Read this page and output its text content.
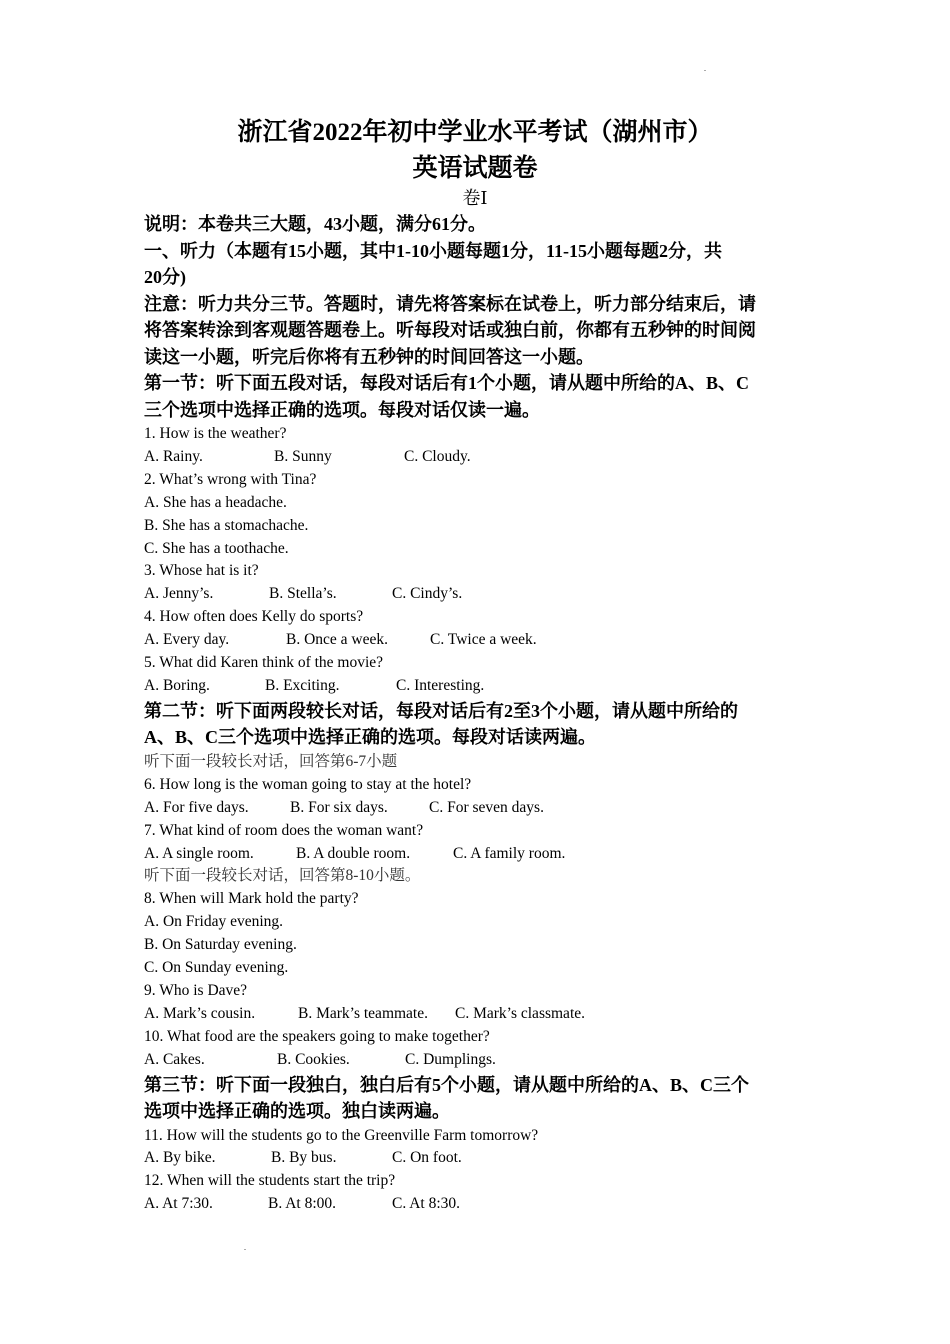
浙江省2022年初中学业水平考试（湖州市）
英语试题卷
卷Ⅰ
说明：本卷共三大题，43小题，满分61分。
一、听力（本题有15小题，其中1-10小题每题1分，11-15小题每题2分，共
20分)
注意：听力共分三节。答题时，请先将答案标在试卷上，听力部分结束后，请
将答案转涂到客观题答题卷上。听每段对话或独白前，你都有五秒钟的时间阅
读这一小题，听完后你将有五秒钟的时间回答这一小题。
第一节：听下面五段对话，每段对话后有1个小题，请从题中所给的A、B、C
三个选项中选择正确的选项。每段对话仅读一遍。
1. How is the weather?
A. Rainy.	B. Sunny	C. Cloudy.
2. What’s wrong with Tina?
A. She has a headache.
B. She has a stomachache.
C. She has a toothache.
3. Whose hat is it?
A. Jenny’s.	B. Stella’s.	C. Cindy’s.
4. How often does Kelly do sports?
A. Every day.	B. Once a week.	C. Twice a week.
5. What did Karen think of the movie?
A. Boring.	B. Exciting.	C. Interesting.
第二节：听下面两段较长对话，每段对话后有2至3个小题，请从题中所给的
A、B、C三个选项中选择正确的选项。每段对话读两遍。
听下面一段较长对话，回答第6-7小题
6. How long is the woman going to stay at the hotel?
A. For five days.	B. For six days.	C. For seven days.
7. What kind of room does the woman want?
A. A single room.	B. A double room.	C. A family room.
听下面一段较长对话，回答第8-10小题。
8. When will Mark hold the party?
A. On Friday evening.
B. On Saturday evening.
C. On Sunday evening.
9. Who is Dave?
A. Mark’s cousin.	B. Mark’s teammate. C. Mark’s classmate.
10. What food are the speakers going to make together?
A. Cakes.	B. Cookies.	C. Dumplings.
第三节：听下面一段独白，独白后有5个小题，请从题中所给的A、B、C三个
选项中选择正确的选项。独白读两遍。
11. How will the students go to the Greenville Farm tomorrow?
A. By bike.	B. By bus.	C. On foot.
12. When will the students start the trip?
A. At 7:30.	B. At 8:00.	C. At 8:30.
